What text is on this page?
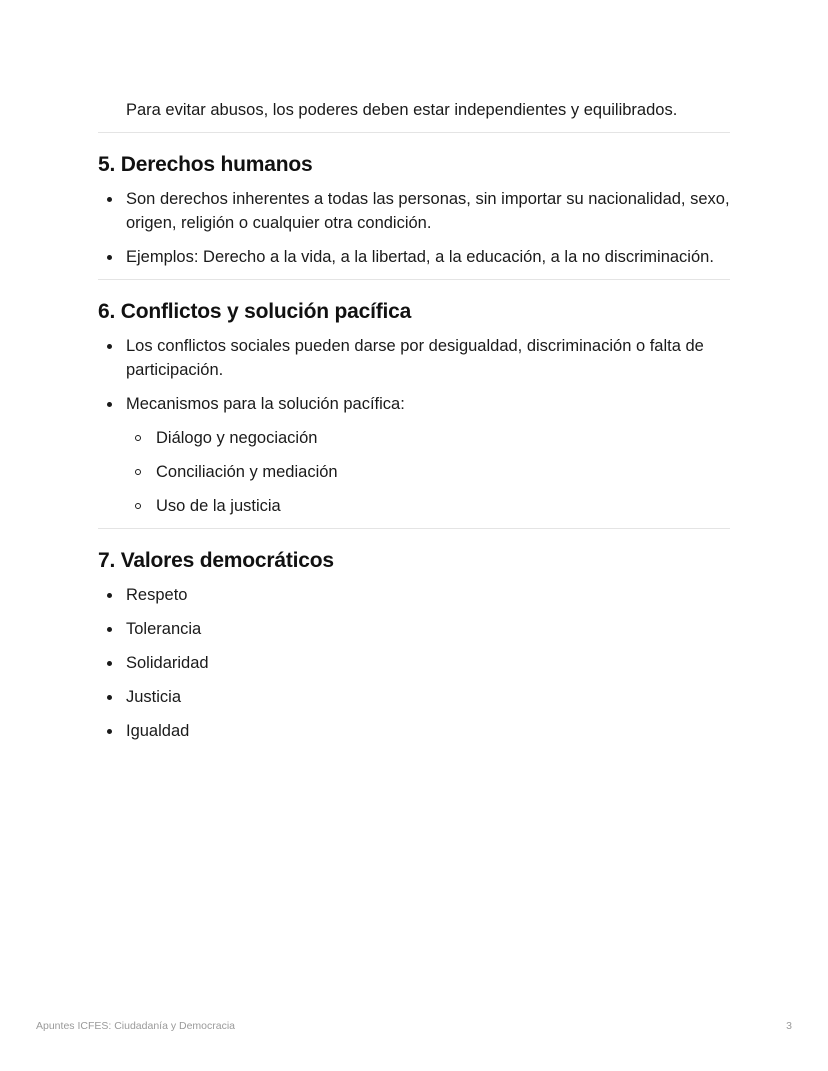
Para evitar abusos, los poderes deben estar independientes y equilibrados.

5. Derechos humanos
Son derechos inherentes a todas las personas, sin importar su nacionalidad, sexo, origen, religión o cualquier otra condición.
Ejemplos: Derecho a la vida, a la libertad, a la educación, a la no discriminación.
6. Conflictos y solución pacífica
Los conflictos sociales pueden darse por desigualdad, discriminación o falta de participación.
Mecanismos para la solución pacífica:
Diálogo y negociación
Conciliación y mediación
Uso de la justicia
7. Valores democráticos
Respeto
Tolerancia
Solidaridad
Justicia
Igualdad
Apuntes ICFES: Ciudadanía y Democracia	3
